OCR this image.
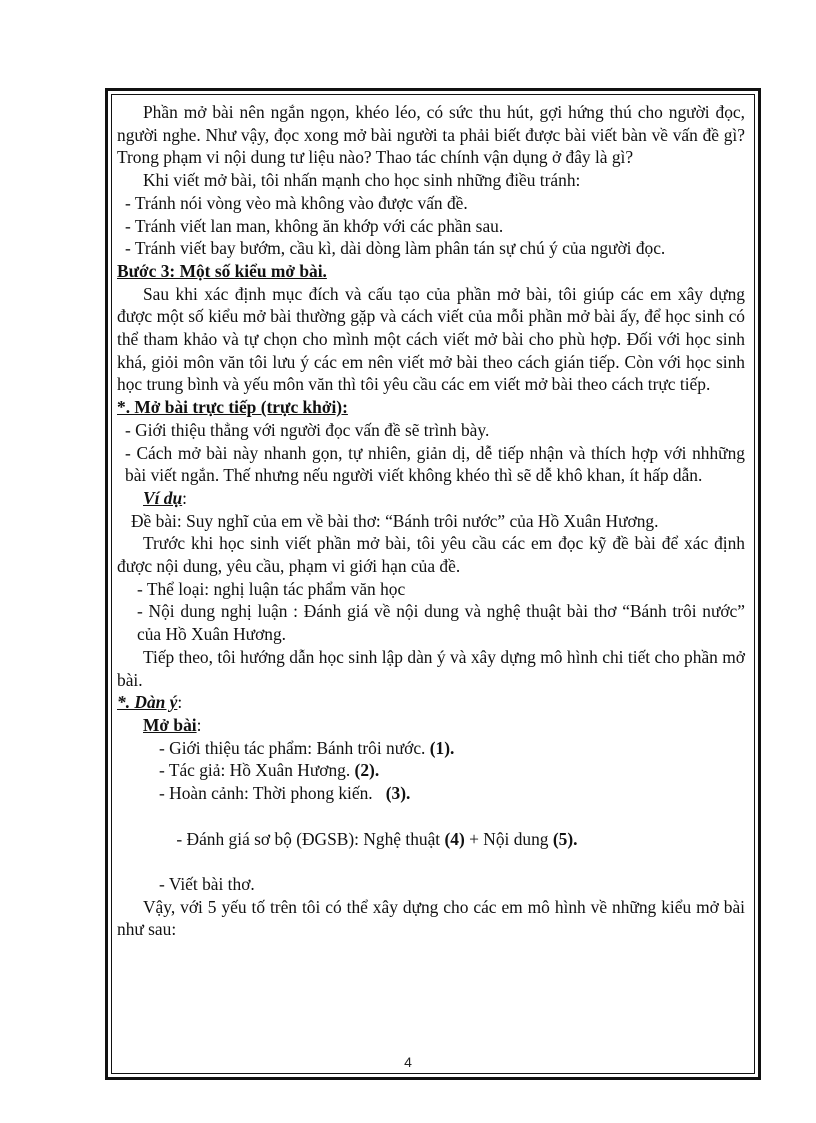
Phần mở bài nên ngắn ngọn, khéo léo, có sức thu hút, gợi hứng thú cho người đọc, người nghe. Như vậy, đọc xong mở bài người ta phải biết được bài viết bàn về vấn đề gì? Trong phạm vi nội dung tư liệu nào? Thao tác chính vận dụng ở đây là gì?

Khi viết mở bài, tôi nhấn mạnh cho học sinh những điều tránh:

- Tránh nói vòng vèo mà không vào được vấn đề.

- Tránh viết lan man, không ăn khớp với các phần sau.

- Tránh viết bay bướm, cầu kì, dài dòng làm phân tán sự chú ý của người đọc.

Bước 3: Một số kiểu mở bài.

Sau khi xác định mục đích và cấu tạo của phần mở bài, tôi giúp các em xây dựng được một số kiểu mở bài thường gặp và cách viết của mỗi phần mở bài ấy, để học sinh có thể tham khảo và tự chọn cho mình một cách viết mở bài cho phù hợp. Đối với học sinh khá, giỏi môn văn tôi lưu ý các em nên viết mở bài theo cách gián tiếp. Còn với học sinh học trung bình và yếu môn văn thì tôi yêu cầu các em viết mở bài theo cách trực tiếp.

*. Mở bài trực tiếp (trực khởi):

- Giới thiệu thẳng với người đọc vấn đề sẽ trình bày.

- Cách mở bài này nhanh gọn, tự nhiên, giản dị, dễ tiếp nhận và thích hợp với nhhững bài viết ngắn. Thế nhưng nếu người viết không khéo thì sẽ dễ khô khan, ít hấp dẫn.

Ví dụ:

Đề bài: Suy nghĩ của em về bài thơ: “Bánh trôi nước” của Hồ Xuân Hương.

Trước khi học sinh viết phần mở bài, tôi yêu cầu các em đọc kỹ đề bài để xác định được nội dung, yêu cầu, phạm vi giới hạn của đề.

- Thể loại: nghị luận tác phẩm văn học

- Nội dung nghị luận : Đánh giá về nội dung và nghệ thuật bài thơ “Bánh trôi nước” của Hồ Xuân Hương.

Tiếp theo, tôi hướng dẫn học sinh lập dàn ý và xây dựng mô hình chi tiết cho phần mở bài.

*. Dàn ý:

Mở bài:

- Giới thiệu tác phẩm: Bánh trôi nước. (1).

- Tác giả: Hồ Xuân Hương. (2).

- Hoàn cảnh: Thời phong kiến.   (3).

- Đánh giá sơ bộ (ĐGSB): Nghệ thuật (4) + Nội dung (5).

- Viết bài thơ.

Vậy, với 5 yếu tố trên tôi có thể xây dựng cho các em mô hình về những kiểu mở bài như sau:

4
